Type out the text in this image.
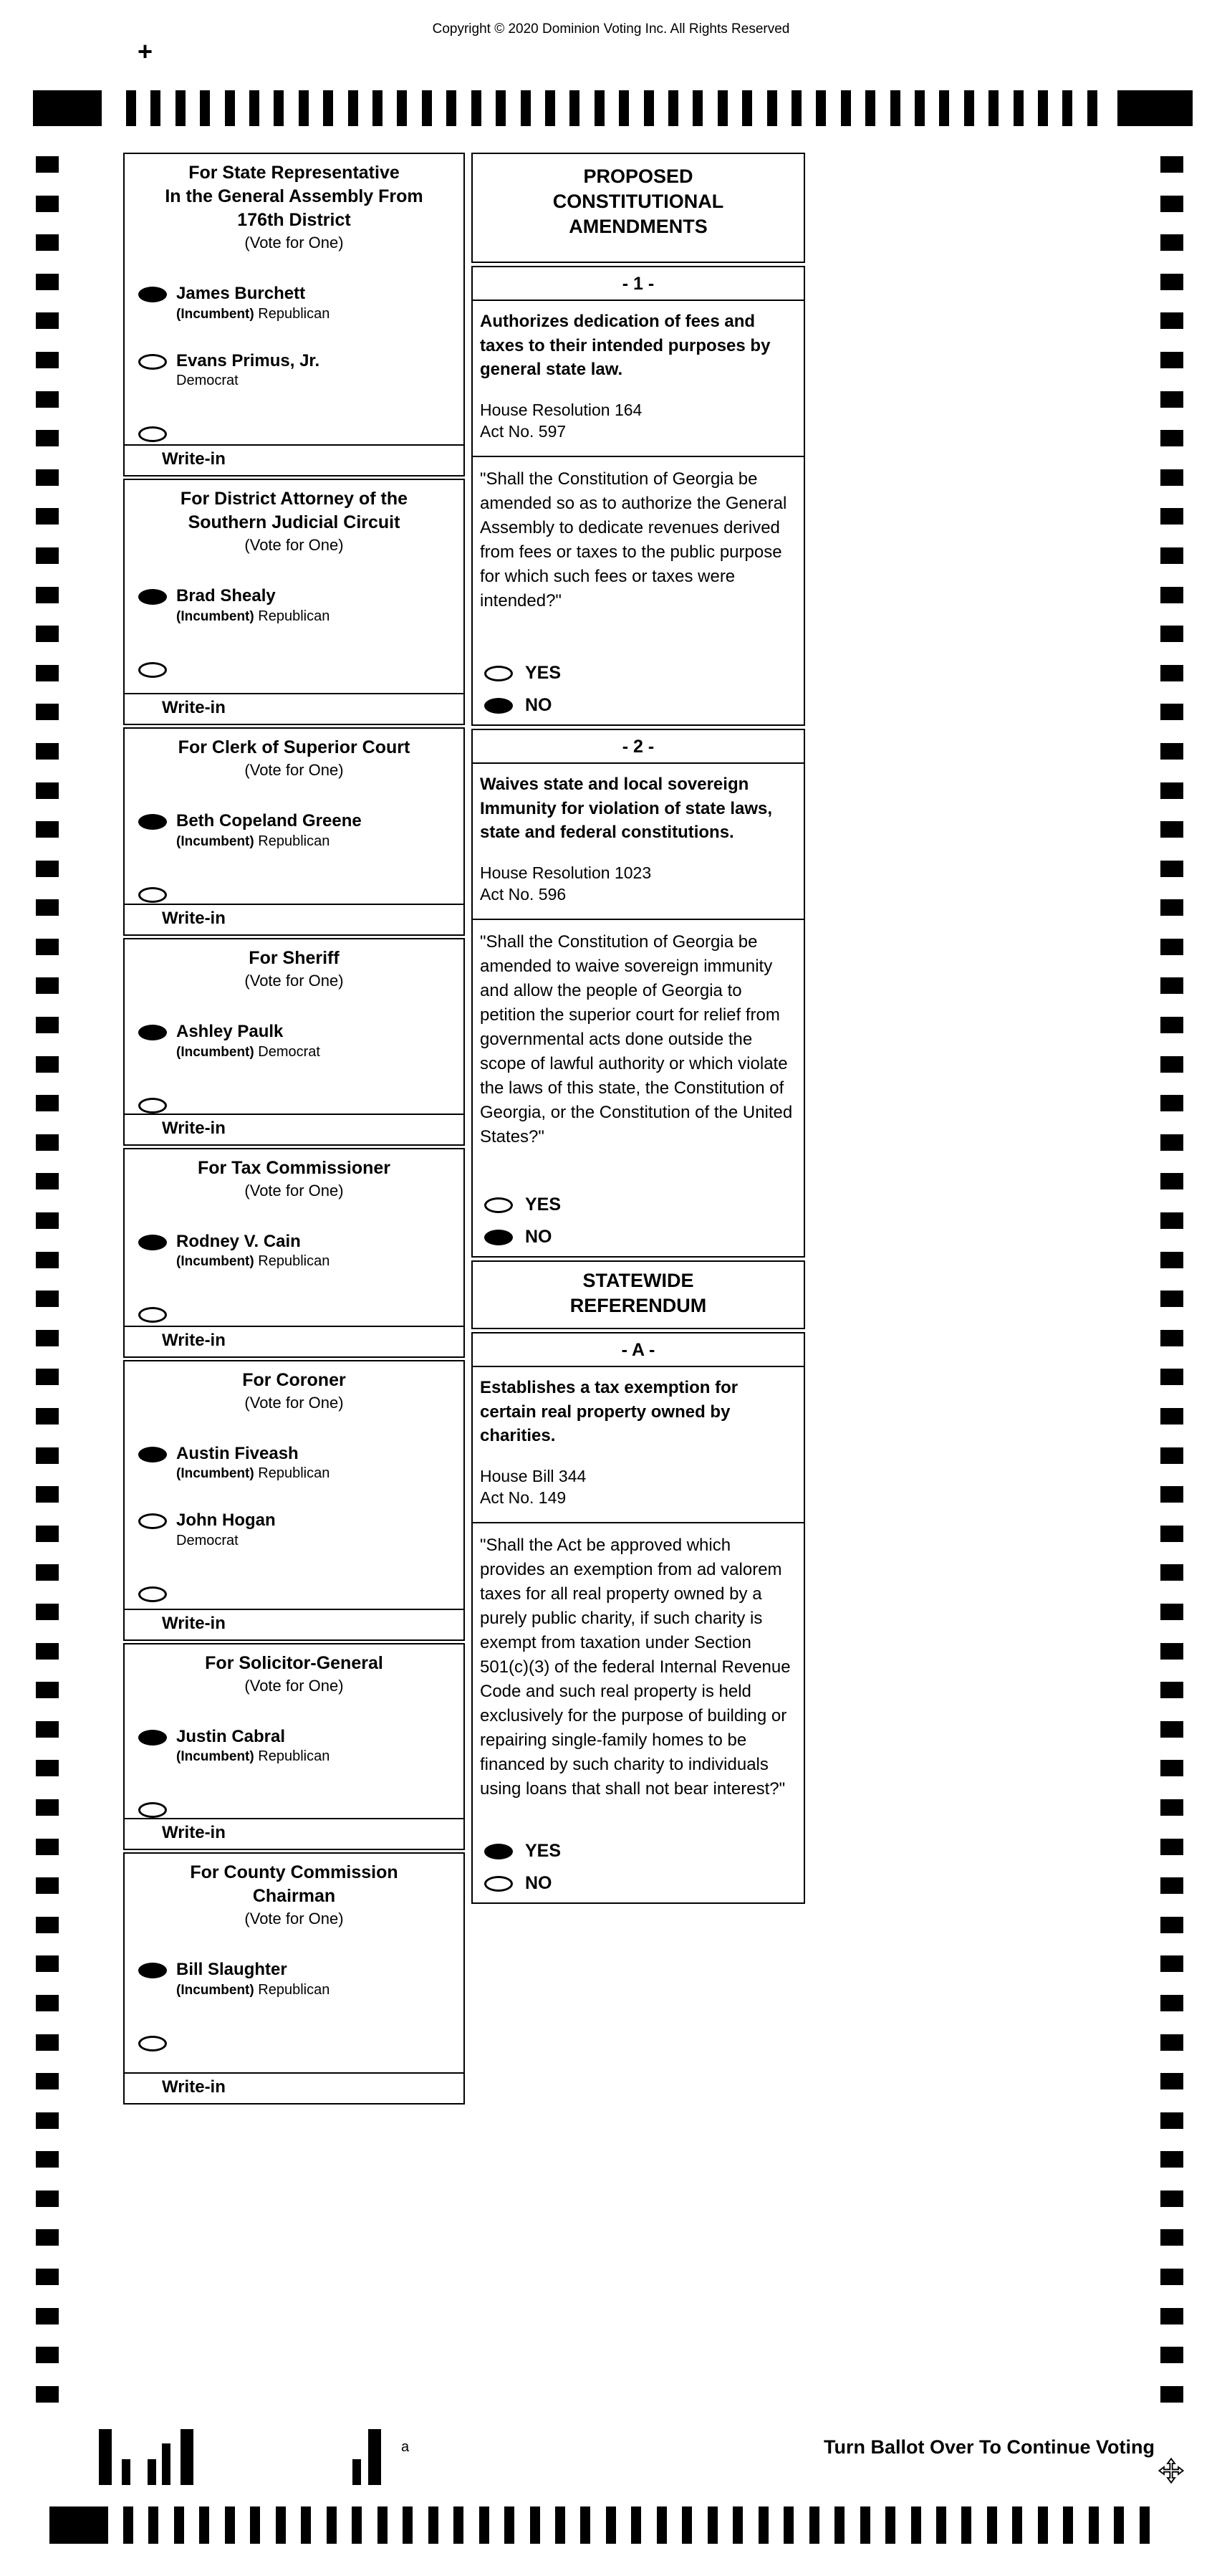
Copyright © 2020 Dominion Voting Inc. All Rights Reserved
+
For State Representative
In the General Assembly From
176th District
(Vote for One)
James Burchett
(Incumbent) Republican
Evans Primus, Jr.
Democrat
Write-in
For District Attorney of the
Southern Judicial Circuit
(Vote for One)
Brad Shealy
(Incumbent) Republican
Write-in
For Clerk of Superior Court
(Vote for One)
Beth Copeland Greene
(Incumbent) Republican
Write-in
For Sheriff
(Vote for One)
Ashley Paulk
(Incumbent) Democrat
Write-in
For Tax Commissioner
(Vote for One)
Rodney V. Cain
(Incumbent) Republican
Write-in
For Coroner
(Vote for One)
Austin Fiveash
(Incumbent) Republican
John Hogan
Democrat
Write-in
For Solicitor-General
(Vote for One)
Justin Cabral
(Incumbent) Republican
Write-in
For County Commission
Chairman
(Vote for One)
Bill Slaughter
(Incumbent) Republican
Write-in
PROPOSED
CONSTITUTIONAL
AMENDMENTS
- 1 -
Authorizes dedication of fees and taxes to their intended purposes by general state law.
House Resolution 164
Act No. 597
"Shall the Constitution of Georgia be amended so as to authorize the General Assembly to dedicate revenues derived from fees or taxes to the public purpose for which such fees or taxes were intended?"
YES
NO
- 2 -
Waives state and local sovereign Immunity for violation of state laws, state and federal constitutions.
House Resolution 1023
Act No. 596
"Shall the Constitution of Georgia be amended to waive sovereign immunity and allow the people of Georgia to petition the superior court for relief from governmental acts done outside the scope of lawful authority or which violate the laws of this state, the Constitution of Georgia, or the Constitution of the United States?"
YES
NO
STATEWIDE
REFERENDUM
- A -
Establishes a tax exemption for certain real property owned by charities.
House Bill 344
Act No. 149
"Shall the Act be approved which provides an exemption from ad valorem taxes for all real property owned by a purely public charity, if such charity is exempt from taxation under Section 501(c)(3) of the federal Internal Revenue Code and such real property is held exclusively for the purpose of building or repairing single-family homes to be financed by such charity to individuals using loans that shall not bear interest?"
YES
NO
a	Turn Ballot Over To Continue Voting
